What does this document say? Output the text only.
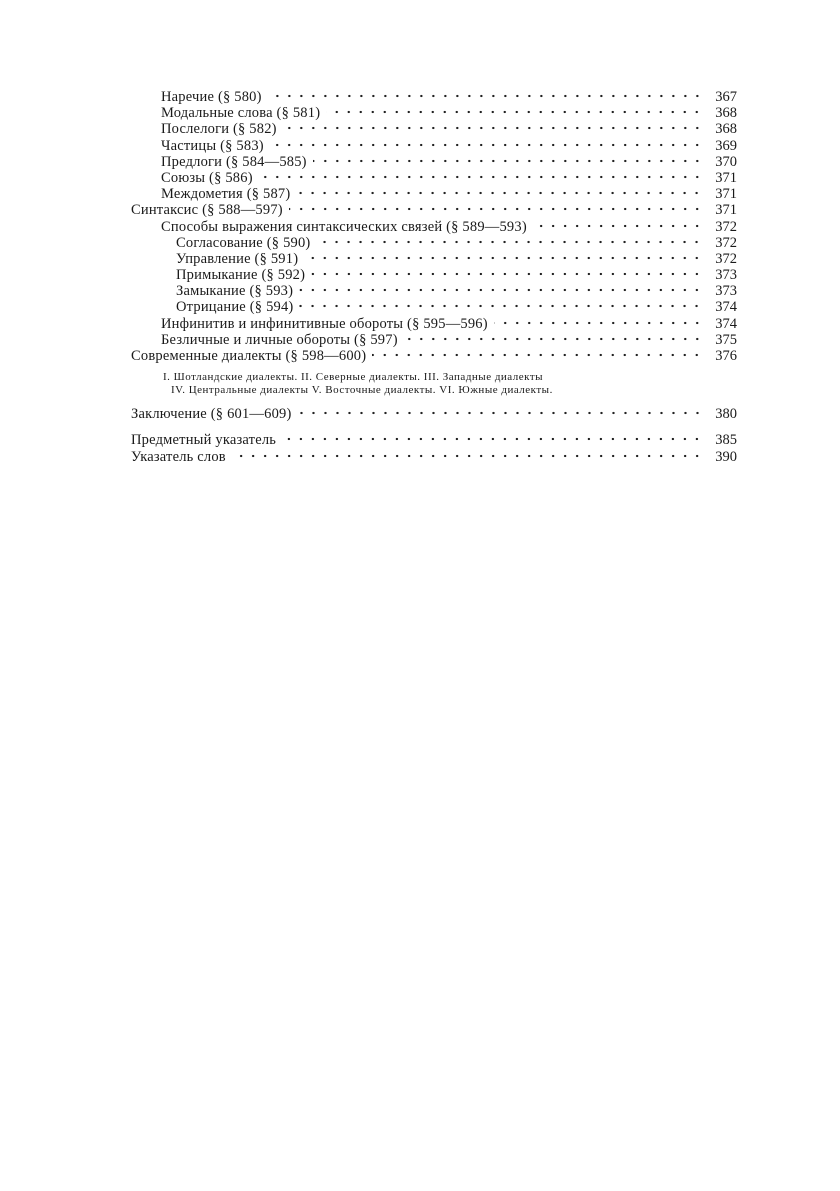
Наречие (§ 580)	367
Модальные слова (§ 581)	368
Послелоги (§ 582)	368
Частицы (§ 583)	369
Предлоги (§ 584—585)	370
Союзы (§ 586)	371
Междометия (§ 587)	371
Синтаксис (§ 588—597)	371
Способы выражения синтаксических связей (§ 589—593)	372
Согласование (§ 590)	372
Управление (§ 591)	372
Примыкание (§ 592)	373
Замыкание (§ 593)	373
Отрицание (§ 594)	374
Инфинитив и инфинитивные обороты (§ 595—596)	374
Безличные и личные обороты (§ 597)	375
Современные диалекты (§ 598—600)	376
I. Шотландские диалекты. II. Северные диалекты. III. Западные диалекты
IV. Центральные диалекты V. Восточные диалекты. VI. Южные диалекты.
Заключение (§ 601—609)	380
Предметный указатель	385
Указатель слов	390
